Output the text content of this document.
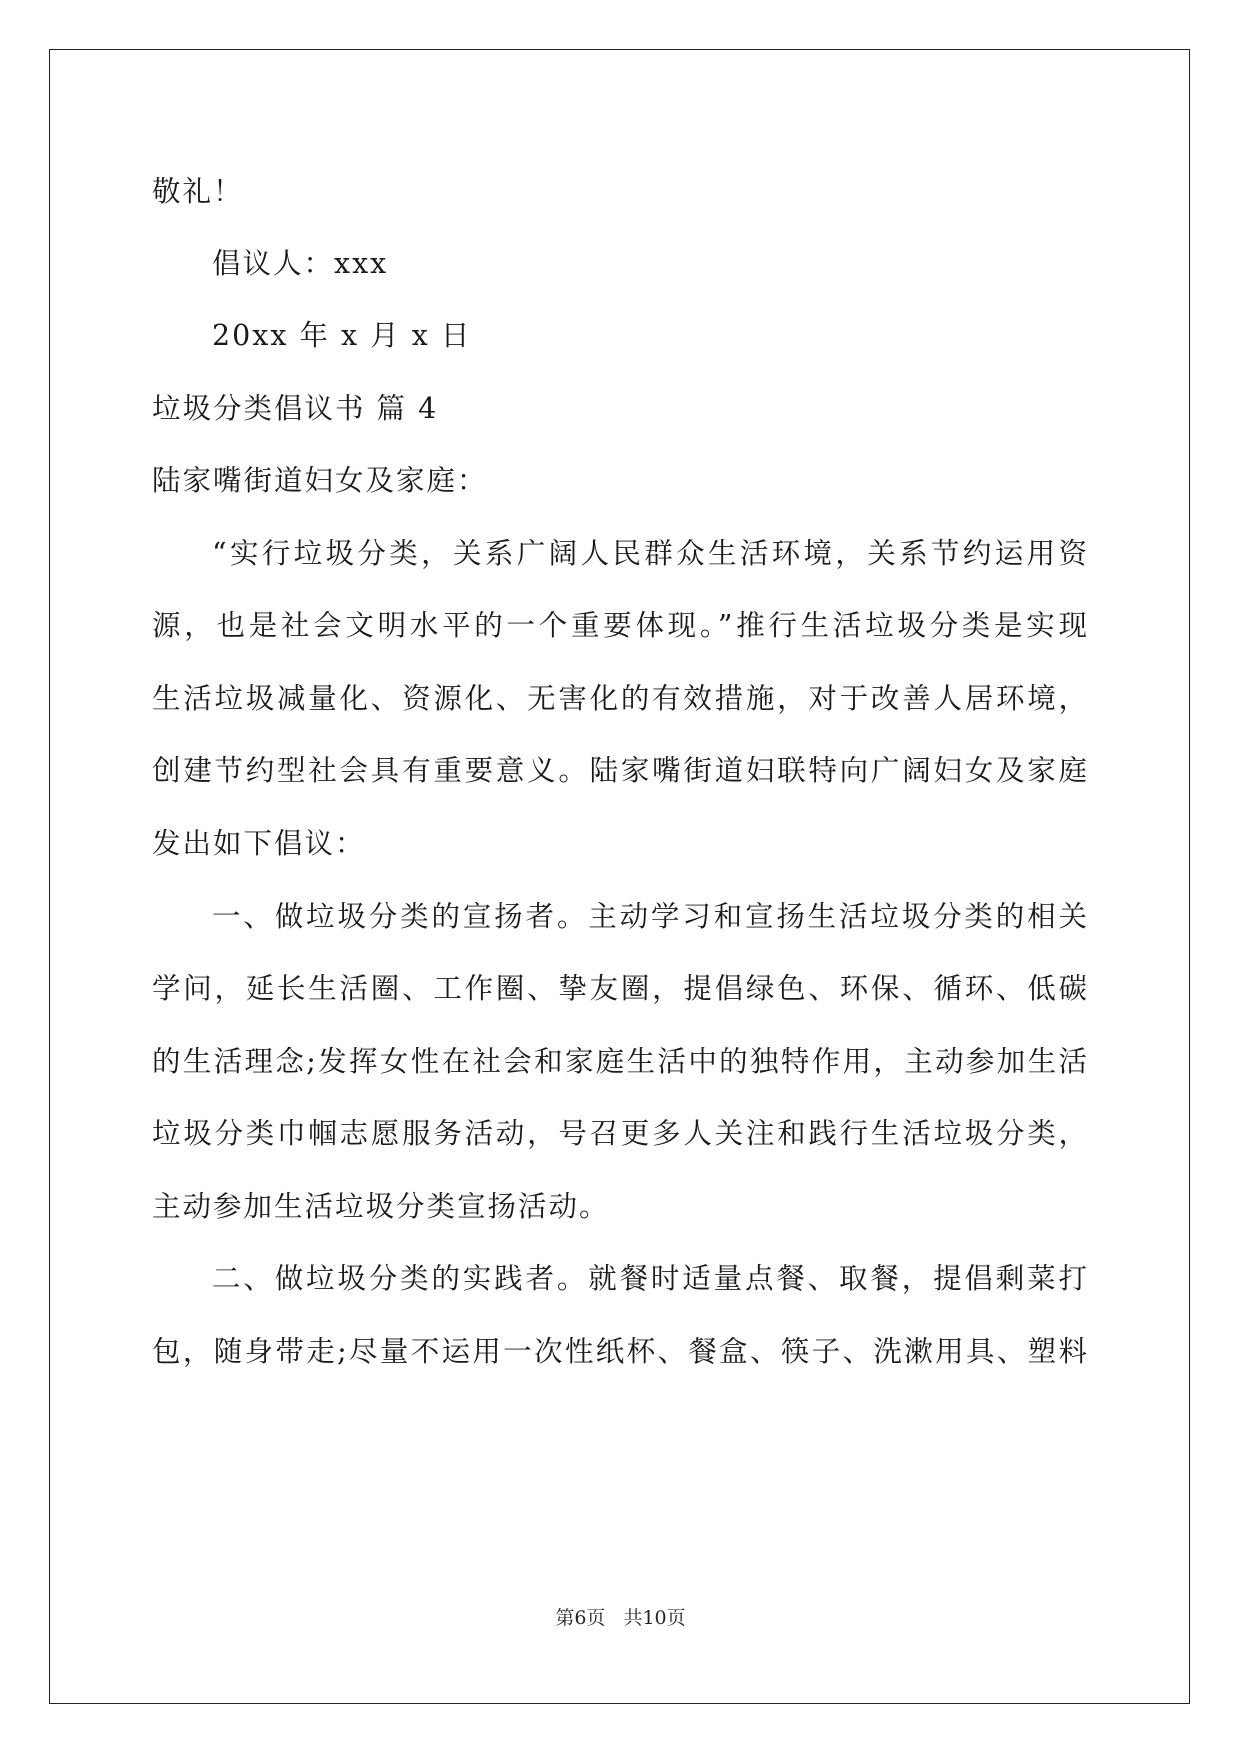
敬礼！
倡议人：xxx
20xx 年 x 月 x 日
垃圾分类倡议书 篇 4
陆家嘴街道妇女及家庭：
“实行垃圾分类，关系广阔人民群众生活环境，关系节约运用资
源，也是社会文明水平的一个重要体现。”推行生活垃圾分类是实现
生活垃圾减量化、资源化、无害化的有效措施，对于改善人居环境，
创建节约型社会具有重要意义。陆家嘴街道妇联特向广阔妇女及家庭
发出如下倡议：
一、做垃圾分类的宣扬者。主动学习和宣扬生活垃圾分类的相关
学问，延长生活圈、工作圈、挚友圈，提倡绿色、环保、循环、低碳
的生活理念;发挥女性在社会和家庭生活中的独特作用，主动参加生活
垃圾分类巾帼志愿服务活动，号召更多人关注和践行生活垃圾分类，
主动参加生活垃圾分类宣扬活动。
二、做垃圾分类的实践者。就餐时适量点餐、取餐，提倡剩菜打
包，随身带走;尽量不运用一次性纸杯、餐盒、筷子、洗漱用具、塑料
第6页 共10页
